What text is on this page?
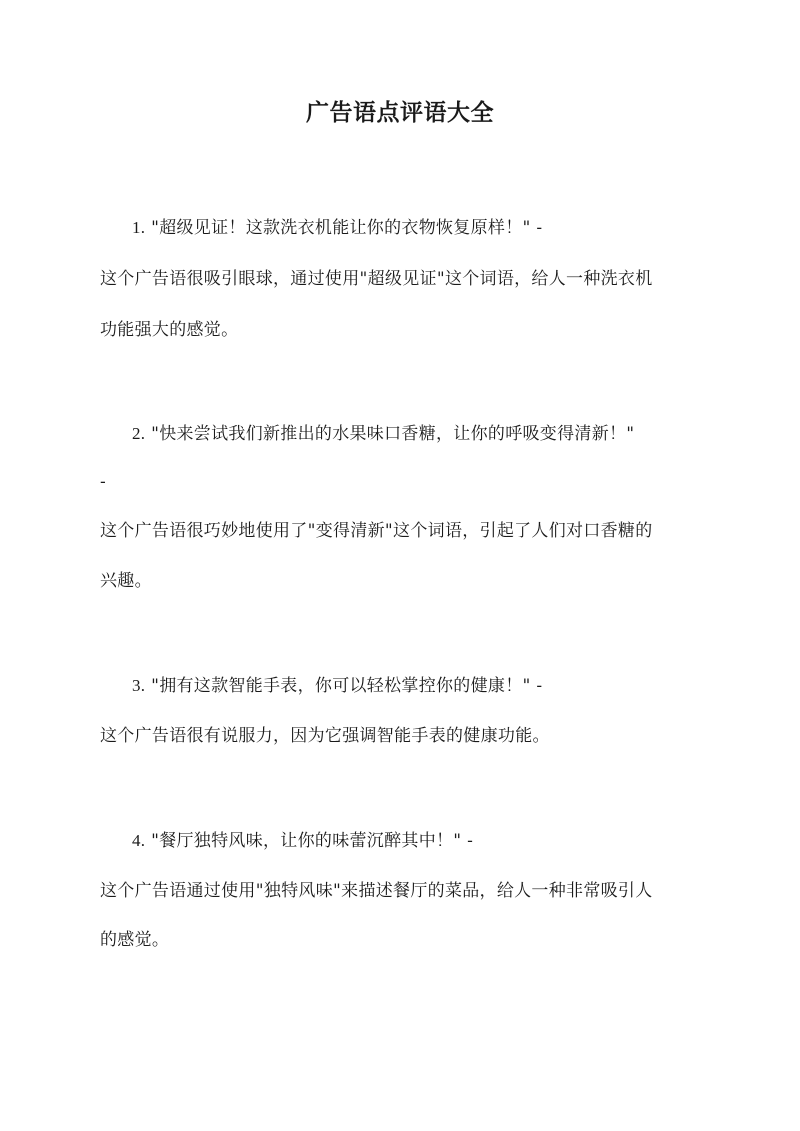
广告语点评语大全
1. "超级见证！这款洗衣机能让你的衣物恢复原样！" -
这个广告语很吸引眼球，通过使用"超级见证"这个词语，给人一种洗衣机
功能强大的感觉。
2. "快来尝试我们新推出的水果味口香糖，让你的呼吸变得清新！"
-
这个广告语很巧妙地使用了"变得清新"这个词语，引起了人们对口香糖的
兴趣。
3. "拥有这款智能手表，你可以轻松掌控你的健康！" -
这个广告语很有说服力，因为它强调智能手表的健康功能。
4. "餐厅独特风味，让你的味蕾沉醉其中！" -
这个广告语通过使用"独特风味"来描述餐厅的菜品，给人一种非常吸引人
的感觉。
